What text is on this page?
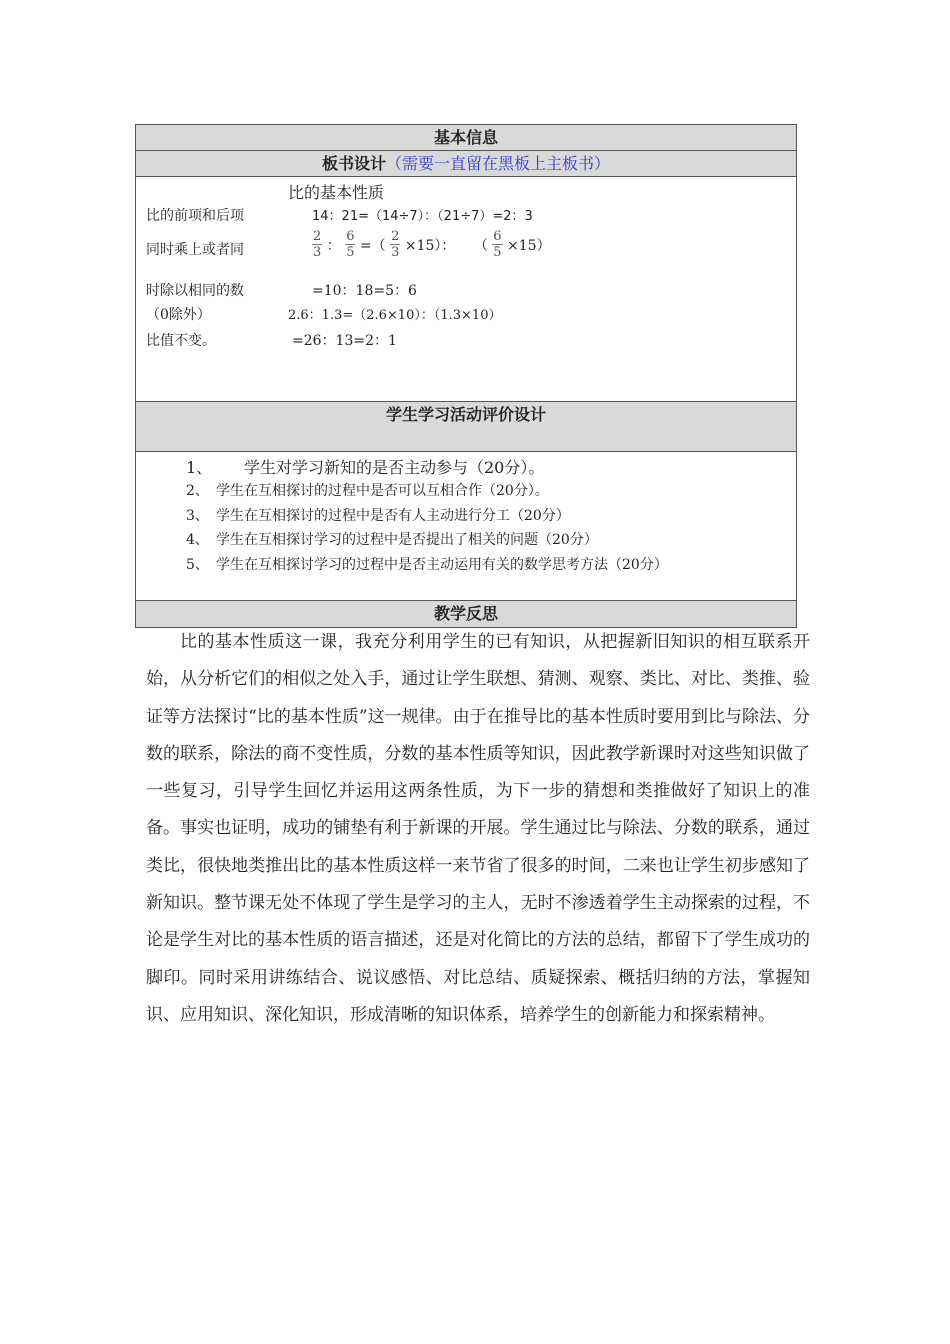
基本信息
板书设计（需要一直留在黑板上主板书）
比的基本性质
比的前项和后项
同时乘上或者同
时除以相同的数
（0除外）
比值不变。
14：21=（14÷7）：（21÷7）=2：3
$\frac{2}{3}$ ： $\frac{6}{5}$ =（ $\frac{2}{3} \times 15$）： （ $\frac{6}{5} \times 15$）
=10：18=5：6
2.6：1.3=（2.6×10）：（1.3×10）
=26：13=2：1
学生学习活动评价设计
1、 学生对学习新知的是否主动参与（20分）。
2、 学生在互相探讨的过程中是否可以互相合作（20分）。
3、 学生在互相探讨的过程中是否有人主动进行分工（20分）
4、 学生在互相探讨学习的过程中是否提出了相关的问题（20分）
5、 学生在互相探讨学习的过程中是否主动运用有关的数学思考方法（20分）
教学反思

比的基本性质这一课，我充分利用学生的已有知识，从把握新旧知识的相互联系开始，从分析它们的相似之处入手，通过让学生联想、猜测、观察、类比、对比、类推、验证等方法探讨“比的基本性质”这一规律。由于在推导比的基本性质时要用到比与除法、分数的联系，除法的商不变性质，分数的基本性质等知识，因此教学新课时对这些知识做了一些复习，引导学生回忆并运用这两条性质，为下一步的猜想和类推做好了知识上的准备。事实也证明，成功的铺垫有利于新课的开展。学生通过比与除法、分数的联系，通过类比，很快地类推出比的基本性质这样一来节省了很多的时间，二来也让学生初步感知了新知识。整节课无处不体现了学生是学习的主人，无时不渗透着学生主动探索的过程，不论是学生对比的基本性质的语言描述，还是对化简比的方法的总结，都留下了学生成功的脚印。同时采用讲练结合、说议感悟、对比总结、质疑探索、概括归纳的方法，掌握知识、应用知识、深化知识，形成清晰的知识体系，培养学生的创新能力和探索精神。
